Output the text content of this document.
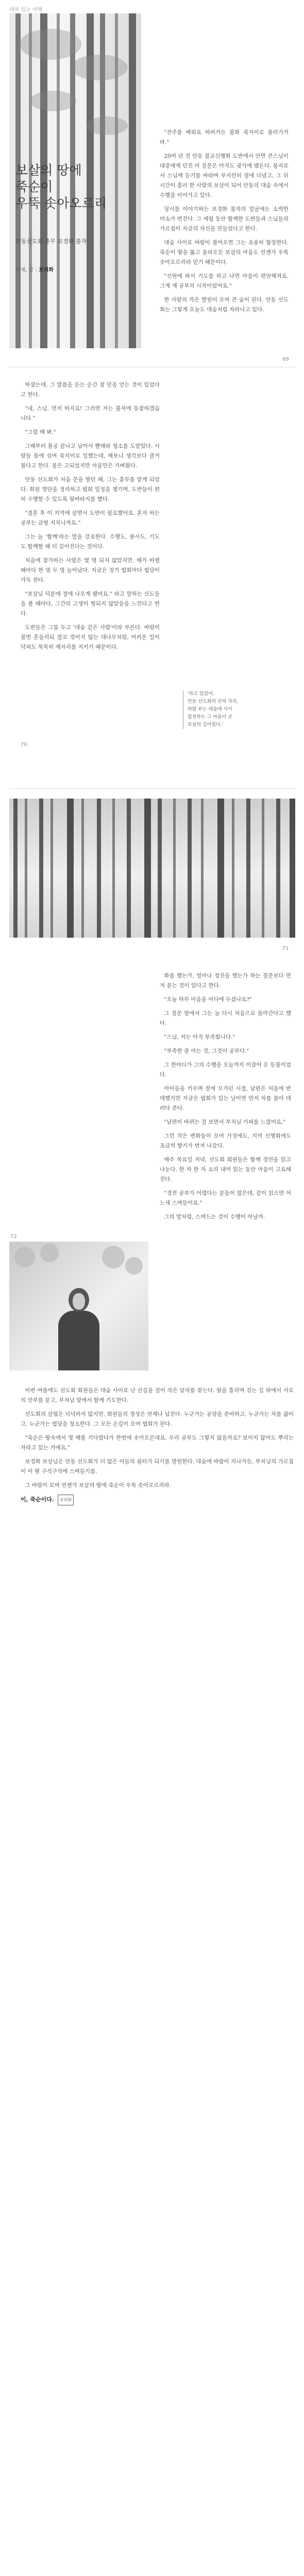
테마 있는 여행
보살의 땅에
죽순이
우뚝 솟아오르리
안동선도회 총무 보경화 불자
취재, 글 : 보리화

"잔주를 배워요 하려거든 불화 죽지이로 물러가거라."

20여 년 전 안동 불교신행회 도반에서 안면 큰스님이 대중에게 던진 이 질문은 아직도 귓가에 맴돈다. 불자로서 스님께 듣기를 바라며 부지런히 절에 다녔고, 그 뒤 시간이 흘러 한 사람의 보살이 되어 안동의 대숲 속에서 수행을 이어가고 있다.

당시를 이야기하는 보경화 불자의 얼굴에는 소박한 미소가 번진다. 그 세월 동안 함께한 도반들과 스님들의 가르침이 지금의 자신을 만들었다고 한다.

대숲 사이로 바람이 불어오면 그는 조용히 합장한다. 죽순이 땅을 뚫고 올라오듯 보살의 마음도 언젠가 우뚝 솟아오르리라 믿기 때문이다.

"선원에 와서 기도를 하고 나면 마음이 편안해져요. 그게 제 공부의 시작이었어요."

한 사람의 작은 발원이 모여 큰 숲이 된다. 안동 선도회는 그렇게 오늘도 대숲처럼 자라나고 있다.

69

하셨는데, 그 말씀을 듣는 순간 참 믿음 얻는 것이 있었다고 한다.

"네, 스님. 먼저 하지요! 그러면 저는 불자에 동참하겠습니다."

"그럼 해 봐."

그때부터 불공 끝나고 남아서 빨래와 청소를 도맡았다. 사람들 틈에 섞여 죽지이로 일했는데, 해보니 생각보다 즐거웠다고 한다. 몸은 고되었지만 마음만은 가벼웠다.

안동 선도회가 처음 문을 열던 해, 그는 총무를 맡게 되었다. 회원 명단을 정리하고 법회 일정을 챙기며, 도반들이 편히 수행할 수 있도록 뒷바라지를 했다.

"결혼 후 이 지역에 살면서 도반이 필요했어요. 혼자 하는 공부는 금방 지치니까요."

그는 늘 '함께'라는 말을 강조한다. 수행도, 봉사도, 기도도 함께할 때 더 깊어진다는 것이다.

처음에 참가하는 사람은 몇 명 되지 않았지만, 해가 바뀔 때마다 한 명 두 명 늘어났다. 지금은 정기 법회마다 법당이 가득 찬다.

"보살님 덕분에 절에 나오게 됐어요." 라고 말하는 신도들을 볼 때마다, 그간의 고생이 헛되지 않았음을 느낀다고 한다.

도반들은 그를 두고 '대숲 같은 사람'이라 부른다. 바람이 불면 흔들리되 결코 꺾이지 않는 대나무처럼, 어려운 일이 닥쳐도 묵묵히 제자리를 지키기 때문이다.

70
'하고 있었어.
안동 선도회의 산의 자리,
바람 부는 대숲에 서서
합장하는 그 마음이 곧
보살의 길이었다.'
71

화를 했는가, 얼마나 정진을 했는가 하는 질문보다 먼저 묻는 것이 있다고 한다.

"오늘 하루 마음을 어디에 두셨나요?"

그 질문 앞에서 그는 늘 다시 처음으로 돌아간다고 했다.

"스님, 저는 아직 부족합니다."

"부족한 줄 아는 것, 그것이 공부다."

그 한마디가 그의 수행을 오늘까지 이끌어 온 등불이었다.

아이들을 키우며 절에 오가던 시절, 남편은 처음에 반대했지만 지금은 법회가 있는 날이면 먼저 차를 몰아 데려다 준다.

"남편이 바뀌는 걸 보면서 부처님 가피를 느꼈어요."

그런 작은 변화들이 모여 가정에도, 지역 신행회에도 조금씩 향기가 번져 나갔다.

매주 목요일 저녁, 선도회 회원들은 함께 경전을 읽고 나눈다. 한 자 한 자 소리 내어 읽는 동안 마음이 고요해진다.

"경전 공부가 어렵다는 분들이 많은데, 같이 읽으면 어느새 스며들어요."

그의 말처럼, 스며드는 것이 수행이 아닐까.

72

이번 여름에도 선도회 회원들은 대숲 사이로 난 산길을 걸어 작은 암자를 찾는다. 땀을 흘리며 걷는 길 위에서 서로의 안부를 묻고, 부처님 앞에서 함께 기도한다.

선도회의 살림은 넉넉하지 않지만, 회원들의 정성은 언제나 넘친다. 누군가는 공양을 준비하고, 누군가는 차를 끓이고, 누군가는 법당을 청소한다. 그 모든 손길이 모여 법회가 된다.

"죽순은 땅속에서 몇 해를 기다렸다가 한번에 솟아오른대요. 우리 공부도 그렇지 않을까요? 보이지 않아도 뿌리는 자라고 있는 거예요."

보경화 보살님은 안동 선도회가 더 많은 이들의 쉼터가 되기를 발원한다. 대숲에 바람이 지나가듯, 부처님의 가르침이 이 땅 구석구석에 스며들기를.

그 바람이 모여 언젠가 보살의 땅에 죽순이 우뚝 솟아오르리라.

이, 죽순이다. 보리화
